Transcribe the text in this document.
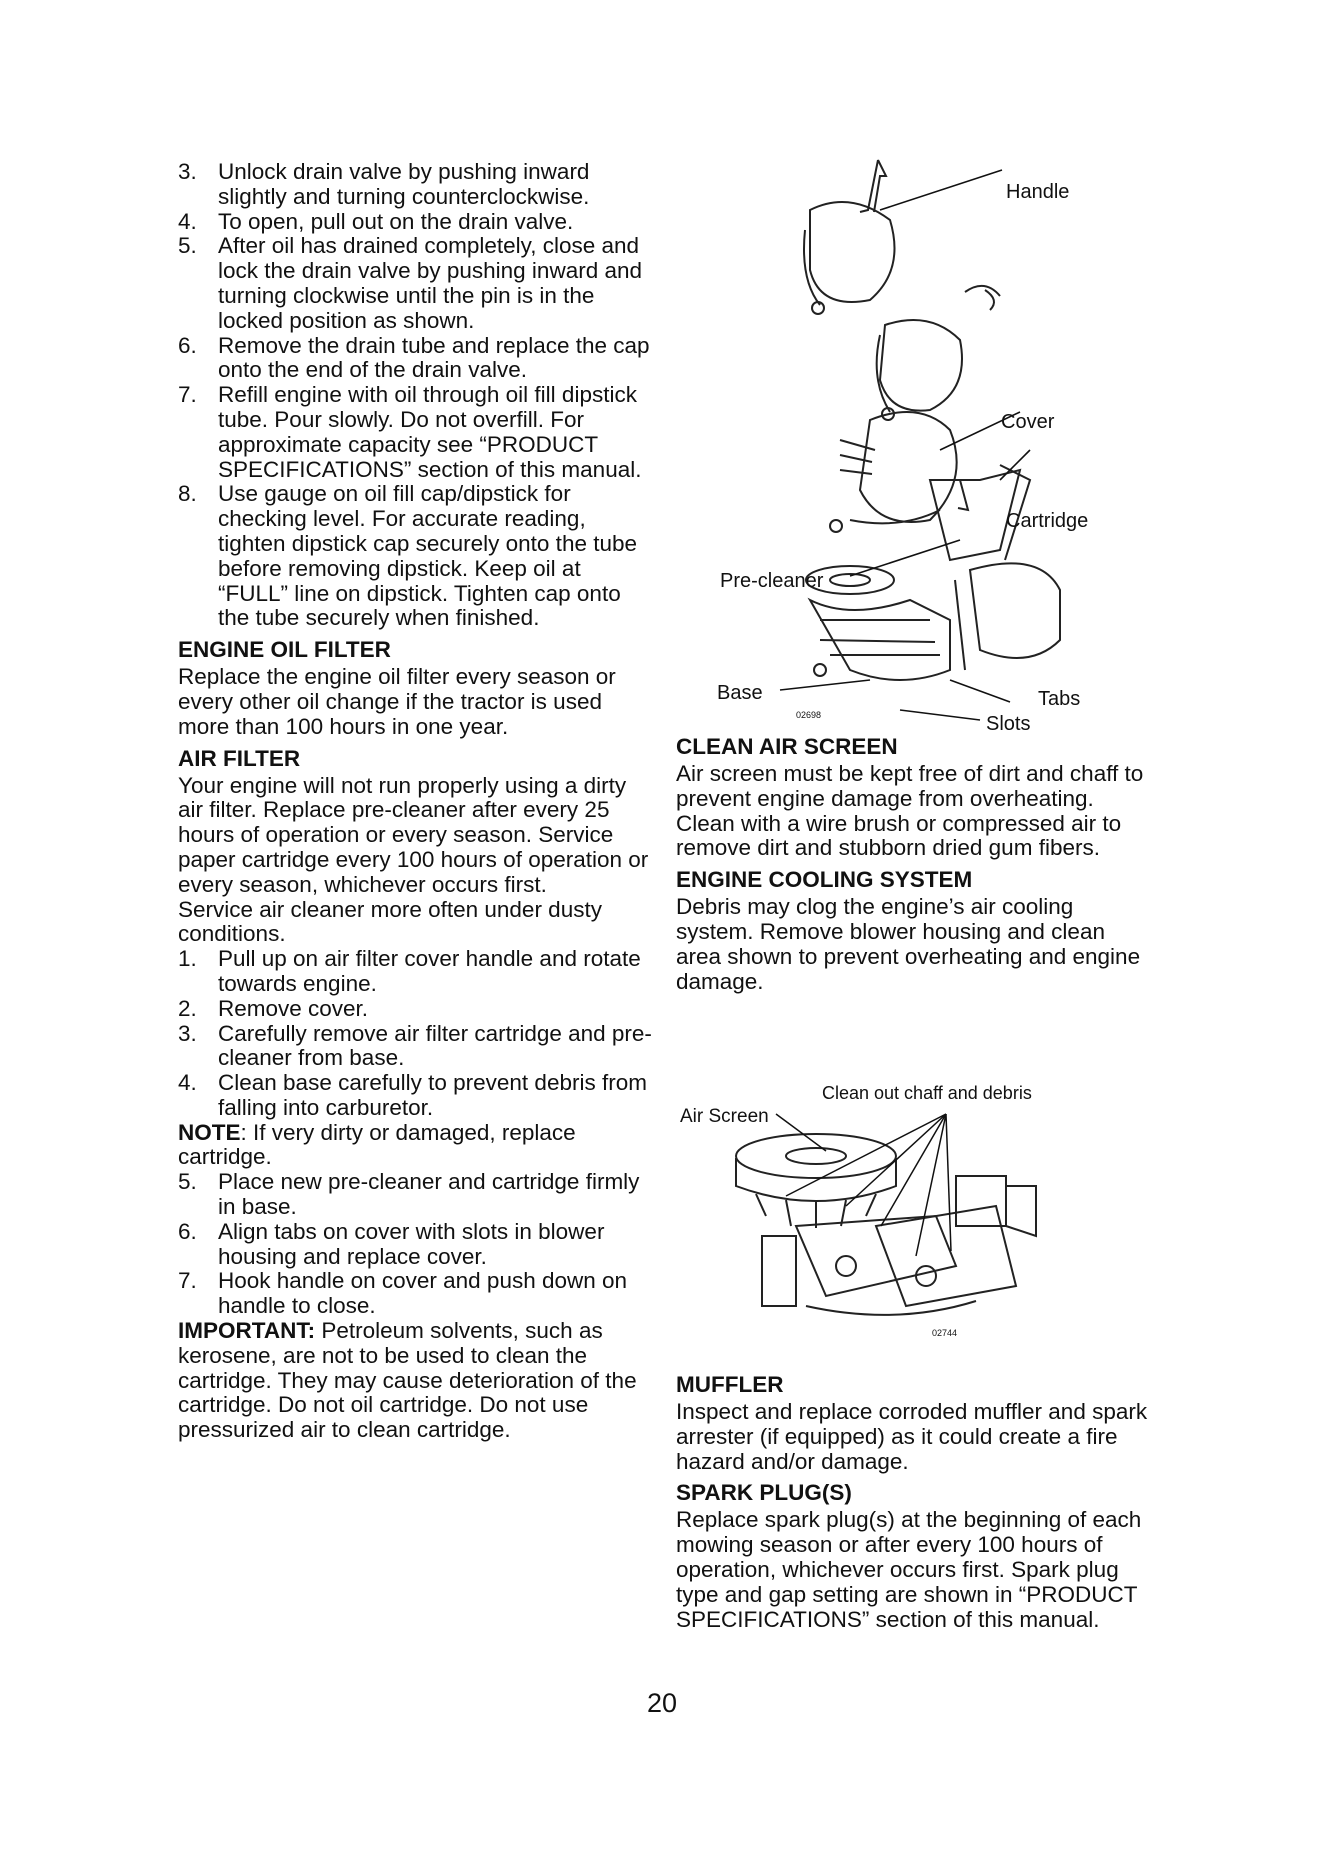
3. Unlock drain valve by pushing inward slightly and turning counterclockwise.
4. To open, pull out on the drain valve.
5. After oil has drained completely, close and lock the drain valve by pushing inward and turning clockwise until the pin is in the locked position as shown.
6. Remove the drain tube and replace the cap onto the end of the drain valve.
7. Refill engine with oil through oil fill dipstick tube. Pour slowly. Do not overfill. For approximate capacity see “PRODUCT SPECIFICATIONS” section of this manual.
8. Use gauge on oil fill cap/dipstick for checking level. For accurate reading, tighten dipstick cap securely onto the tube before removing dipstick. Keep oil at “FULL” line on dipstick. Tighten cap onto the tube securely when finished.
ENGINE OIL FILTER

Replace the engine oil filter every season or every other oil change if the tractor is used more than 100 hours in one year.

AIR FILTER

Your engine will not run properly using a dirty air filter. Replace pre-cleaner after every 25 hours of operation or every season. Service paper cartridge every 100 hours of operation or every season, whichever occurs first.

Service air cleaner more often under dusty conditions.

1. Pull up on air filter cover handle and rotate towards engine.
2. Remove cover.
3. Carefully remove air filter cartridge and pre-cleaner from base.
4. Clean base carefully to prevent debris from falling into carburetor.

NOTE: If very dirty or damaged, replace cartridge.

5. Place new pre-cleaner and cartridge firmly in base.
6. Align tabs on cover with slots in blower housing and replace cover.
7. Hook handle on cover and push down on handle to close.

IMPORTANT: Petroleum solvents, such as kerosene, are not to be used to clean the cartridge. They may cause deterioration of the cartridge. Do not oil cartridge. Do not use pressurized air to clean cartridge.

Handle
Cover
Cartridge
Pre-cleaner
Base	Tabs
Slots
02698
CLEAN AIR SCREEN

Air screen must be kept free of dirt and chaff to prevent engine damage from overheating. Clean with a wire brush or compressed air to remove dirt and stubborn dried gum fibers.

ENGINE COOLING SYSTEM

Debris may clog the engine’s air cooling system. Remove blower housing and clean area shown to prevent overheating and engine damage.

Clean out chaff and debris
Air Screen
02744
MUFFLER

Inspect and replace corroded muffler and spark arrester (if equipped) as it could create a fire hazard and/or damage.

SPARK PLUG(S)

Replace spark plug(s) at the beginning of each mowing season or after every 100 hours of operation, whichever occurs first. Spark plug type and gap setting are shown in “PRODUCT SPECIFICATIONS” section of this manual.

20
